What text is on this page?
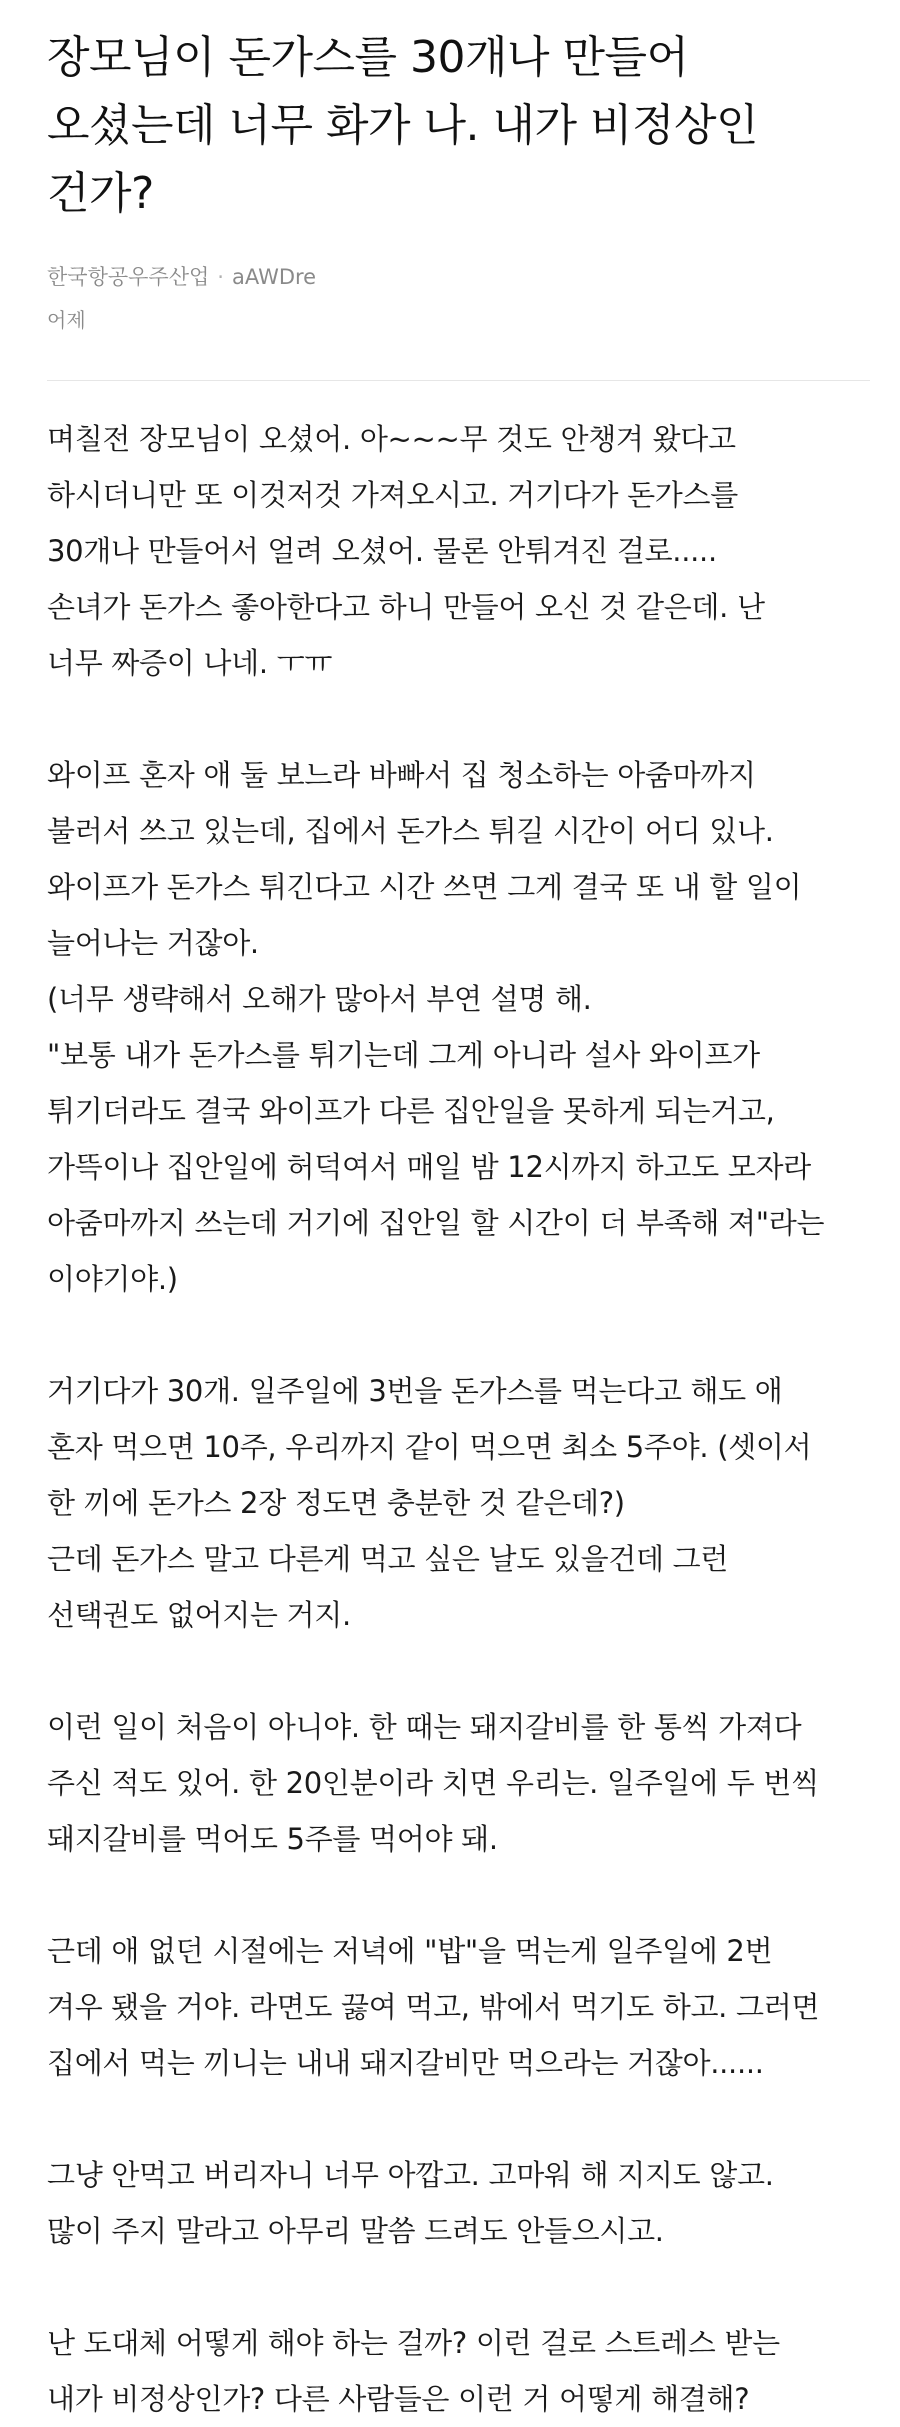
장모님이 돈가스를 30개나 만들어
오셨는데 너무 화가 나. 내가 비정상인
건가?
한국항공우주산업 · aAWDre
어제
며칠전 장모님이 오셨어. 아~~~무 것도 안챙겨 왔다고
하시더니만 또 이것저것 가져오시고. 거기다가 돈가스를
30개나 만들어서 얼려 오셨어. 물론 안튀겨진 걸로.....
손녀가 돈가스 좋아한다고 하니 만들어 오신 것 같은데. 난
너무 짜증이 나네. ㅜㅠ
와이프 혼자 애 둘 보느라 바빠서 집 청소하는 아줌마까지
불러서 쓰고 있는데, 집에서 돈가스 튀길 시간이 어디 있나.
와이프가 돈가스 튀긴다고 시간 쓰면 그게 결국 또 내 할 일이
늘어나는 거잖아.
(너무 생략해서 오해가 많아서 부연 설명 해.
"보통 내가 돈가스를 튀기는데 그게 아니라 설사 와이프가
튀기더라도 결국 와이프가 다른 집안일을 못하게 되는거고,
가뜩이나 집안일에 허덕여서 매일 밤 12시까지 하고도 모자라
아줌마까지 쓰는데 거기에 집안일 할 시간이 더 부족해 져"라는
이야기야.)
거기다가 30개. 일주일에 3번을 돈가스를 먹는다고 해도 애
혼자 먹으면 10주, 우리까지 같이 먹으면 최소 5주야. (셋이서
한 끼에 돈가스 2장 정도면 충분한 것 같은데?)
근데 돈가스 말고 다른게 먹고 싶은 날도 있을건데 그런
선택권도 없어지는 거지.
이런 일이 처음이 아니야. 한 때는 돼지갈비를 한 통씩 가져다
주신 적도 있어. 한 20인분이라 치면 우리는. 일주일에 두 번씩
돼지갈비를 먹어도 5주를 먹어야 돼.
근데 애 없던 시절에는 저녁에 "밥"을 먹는게 일주일에 2번
겨우 됐을 거야. 라면도 끓여 먹고, 밖에서 먹기도 하고. 그러면
집에서 먹는 끼니는 내내 돼지갈비만 먹으라는 거잖아......
그냥 안먹고 버리자니 너무 아깝고. 고마워 해 지지도 않고.
많이 주지 말라고 아무리 말씀 드려도 안들으시고.
난 도대체 어떻게 해야 하는 걸까? 이런 걸로 스트레스 받는
내가 비정상인가? 다른 사람들은 이런 거 어떻게 해결해?
